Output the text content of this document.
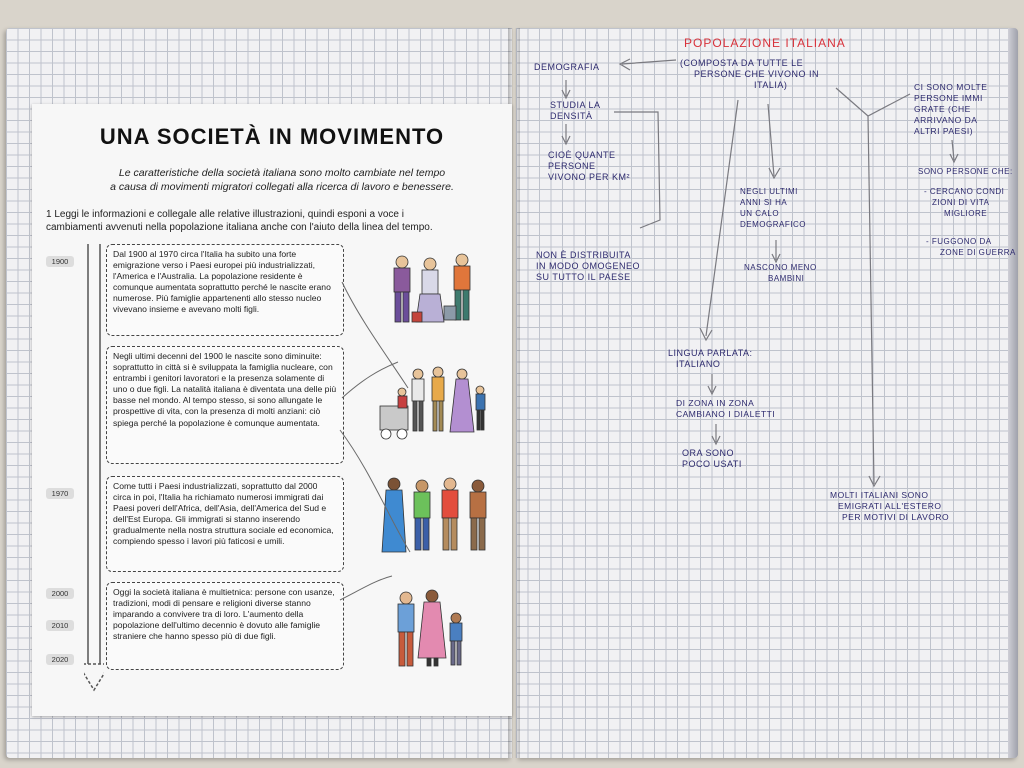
UNA SOCIETÀ IN MOVIMENTO
Le caratteristiche della società italiana sono molto cambiate nel tempo
a causa di movimenti migratori collegati alla ricerca di lavoro e benessere.
1 Leggi le informazioni e collegale alle relative illustrazioni, quindi esponi a voce i
cambiamenti avvenuti nella popolazione italiana anche con l'aiuto della linea del tempo.
1900
1970
2000
2010
2020
Dal 1900 al 1970 circa l'Italia ha subito una forte emigrazione verso i Paesi europei più industrializzati, l'America e l'Australia. La popolazione residente è comunque aumentata soprattutto perché le nascite erano numerose. Più famiglie appartenenti allo stesso nucleo vivevano insieme e avevano molti figli.
Negli ultimi decenni del 1900 le nascite sono diminuite: soprattutto in città si è sviluppata la famiglia nucleare, con entrambi i genitori lavoratori e la presenza solamente di uno o due figli. La natalità italiana è diventata una delle più basse nel mondo. Al tempo stesso, si sono allungate le prospettive di vita, con la presenza di molti anziani: ciò spiega perché la popolazione è comunque aumentata.
Come tutti i Paesi industrializzati, soprattutto dal 2000 circa in poi, l'Italia ha richiamato numerosi immigrati dai Paesi poveri dell'Africa, dell'Asia, dell'America del Sud e dell'Est Europa. Gli immigrati si stanno inserendo gradualmente nella nostra struttura sociale ed economica, compiendo spesso i lavori più faticosi e umili.
Oggi la società italiana è multietnica: persone con usanze, tradizioni, modi di pensare e religioni diverse stanno imparando a convivere tra di loro. L'aumento della popolazione dell'ultimo decennio è dovuto alle famiglie straniere che hanno spesso più di due figli.
POPOLAZIONE ITALIANA
(COMPOSTA DA TUTTE LE
PERSONE CHE VIVONO IN
ITALIA)
DEMOGRAFIA
STUDIA LA
DENSITÀ
CIOÈ QUANTE
PERSONE
VIVONO PER KM²
NON È DISTRIBUITA
IN MODO OMOGENEO
SU TUTTO IL PAESE
NEGLI ULTIMI
ANNI SI HA
UN CALO
DEMOGRAFICO
NASCONO MENO
BAMBINI
LINGUA PARLATA:
ITALIANO
DI ZONA IN ZONA
CAMBIANO I DIALETTI
ORA SONO
POCO USATI
CI SONO MOLTE
PERSONE IMMI
GRATE (CHE
ARRIVANO DA
ALTRI PAESI)
SONO PERSONE CHE:
- CERCANO CONDI
ZIONI DI VITA
MIGLIORE
- FUGGONO DA
ZONE DI GUERRA
MOLTI ITALIANI SONO
EMIGRATI ALL'ESTERO
PER MOTIVI DI LAVORO
